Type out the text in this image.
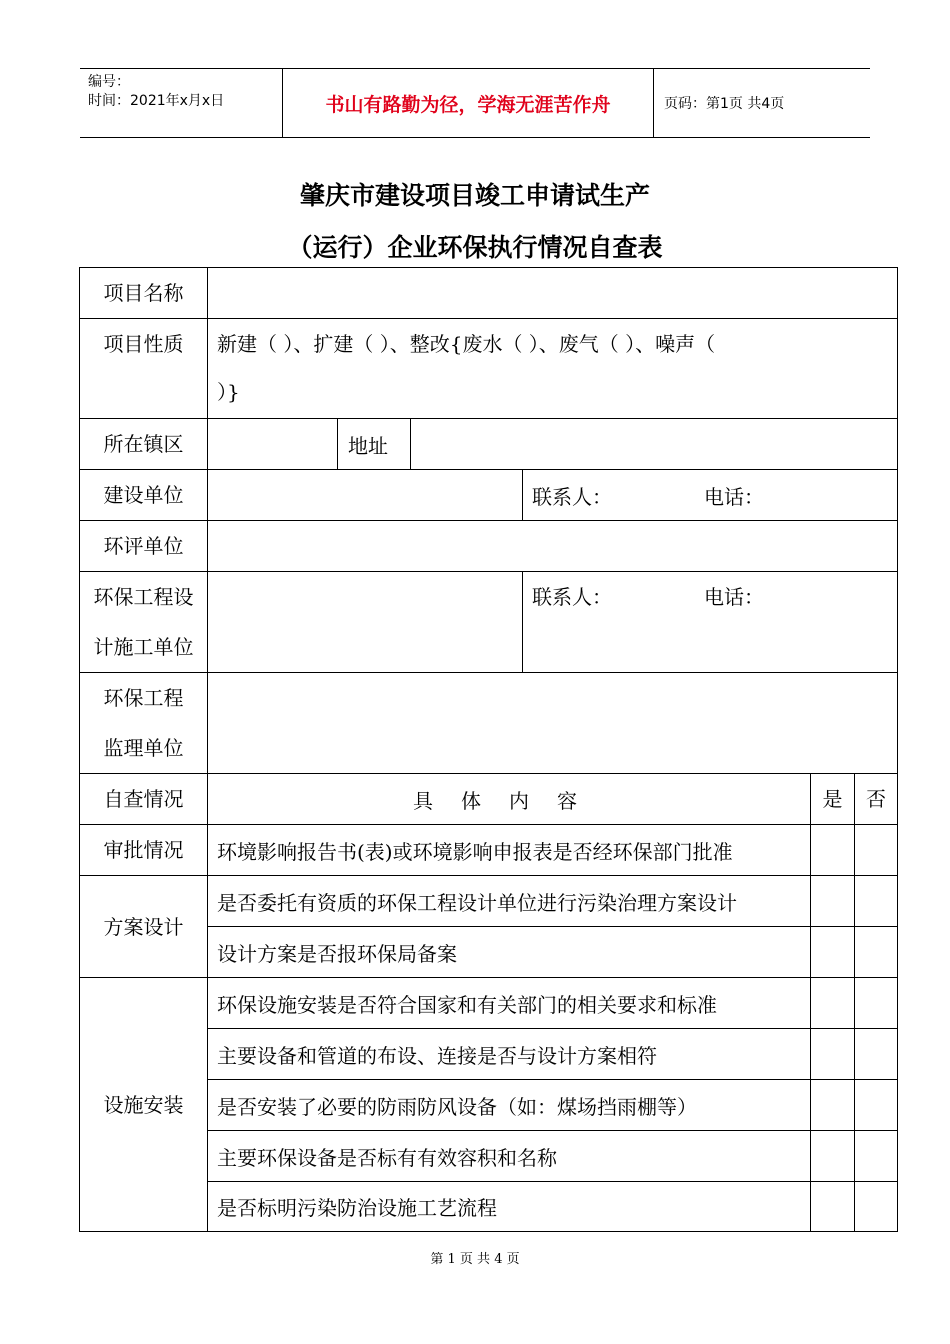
编号：
时间：2021年x月x日	书山有路勤为径，学海无涯苦作舟	页码：第1页 共4页
肇庆市建设项目竣工申请试生产
（运行）企业环保执行情况自查表
项目名称						
项目性质	新建（ ）、扩建（ ）、整改{废水（ ）、废气（ ）、噪声（
）}					

所在镇区		地址				
建设单位				联系人： 电话：		
环评单位						

环保工程设
计施工单位				联系人： 电话：		

环保工程
监理单位						

自查情况	具体内容				是	否
审批情况	环境影响报告书(表)或环境影响申报表是否经环保部门批准					
方案设计	是否委托有资质的环保工程设计单位进行污染治理方案设计					
	设计方案是否报环保局备案					
设施安装	环保设施安装是否符合国家和有关部门的相关要求和标准					
	主要设备和管道的布设、连接是否与设计方案相符					
	是否安装了必要的防雨防风设备（如：煤场挡雨棚等）					
	主要环保设备是否标有有效容积和名称					
	是否标明污染防治设施工艺流程					
第 1 页 共 4 页
